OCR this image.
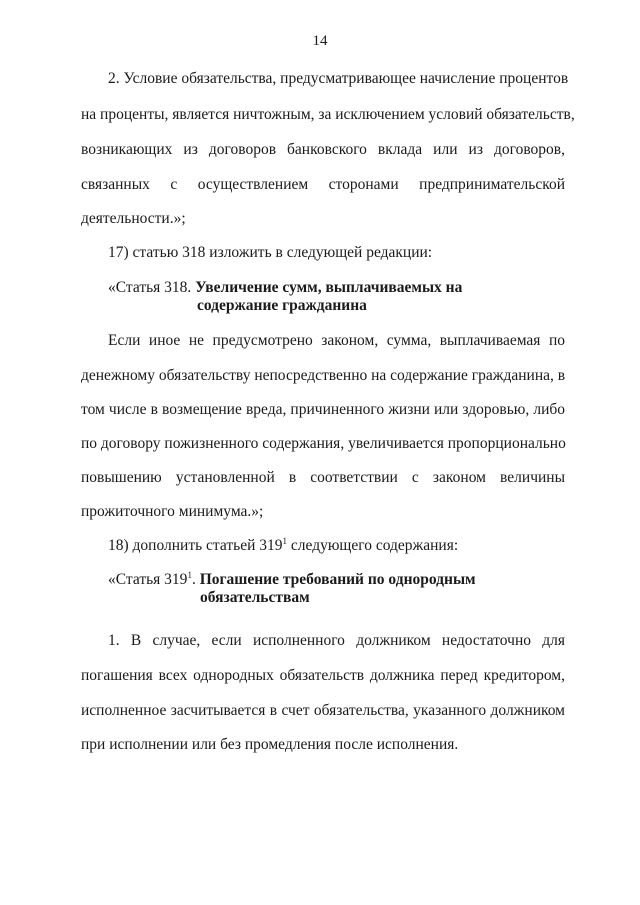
14
2. Условие обязательства, предусматривающее начисление процентов
на проценты, является ничтожным, за исключением условий обязательств,
возникающих из договоров банковского вклада или из договоров,
связанных с осуществлением сторонами предпринимательской
деятельности.»;
17) статью 318 изложить в следующей редакции:
«Статья 318. Увеличение сумм, выплачиваемых на
содержание гражданина
Если иное не предусмотрено законом, сумма, выплачиваемая по
денежному обязательству непосредственно на содержание гражданина, в
том числе в возмещение вреда, причиненного жизни или здоровью, либо
по договору пожизненного содержания, увеличивается пропорционально
повышению установленной в соответствии с законом величины
прожиточного минимума.»;
18) дополнить статьей $319^1$ следующего содержания:
«Статья $319^1$. Погашение требований по однородным
обязательствам
1. В случае, если исполненного должником недостаточно для
погашения всех однородных обязательств должника перед кредитором,
исполненное засчитывается в счет обязательства, указанного должником
при исполнении или без промедления после исполнения.
